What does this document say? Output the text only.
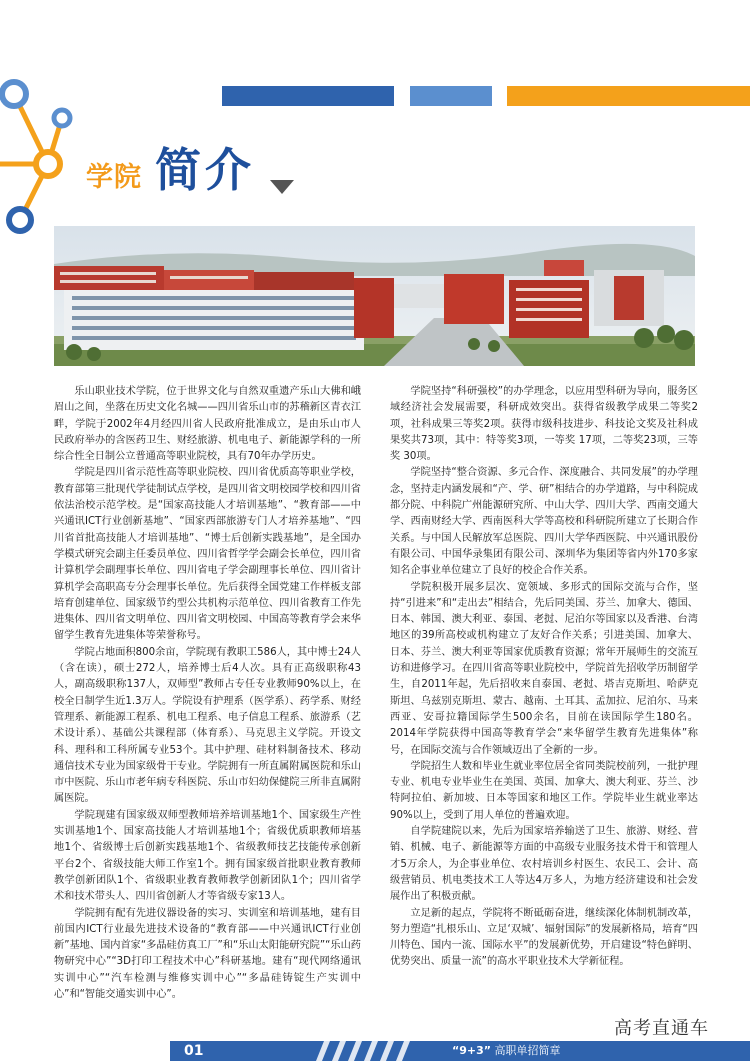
学院 简介

乐山职业技术学院，位于世界文化与自然双重遗产乐山大佛和峨眉山之间，坐落在历史文化名城——四川省乐山市的苏稽新区青衣江畔，学院于2002年4月经四川省人民政府批准成立，是由乐山市人民政府举办的含医药卫生、财经旅游、机电电子、新能源学科的一所综合性全日制公立普通高等职业院校，具有70年办学历史。

学院是四川省示范性高等职业院校、四川省优质高等职业学校，教育部第三批现代学徒制试点学校，是四川省文明校园学校和四川省依法治校示范学校。是“国家高技能人才培训基地”、“教育部——中兴通讯ICT行业创新基地”、“国家西部旅游专门人才培养基地”、“四川省首批高技能人才培训基地”、“博士后创新实践基地”，是全国办学模式研究会副主任委员单位、四川省哲学学会副会长单位，四川省计算机学会副理事长单位、四川省电子学会副理事长单位、四川省计算机学会高职高专分会理事长单位。先后获得全国党建工作样板支部培育创建单位、国家级节约型公共机构示范单位、四川省教育工作先进集体、四川省文明单位、四川省文明校园、中国高等教育学会来华留学生教育先进集体等荣誉称号。

学院占地面积800余亩，学院现有教职工586人，其中博士24人（含在读），硕士272人，培养博士后4人次。具有正高级职称43人，副高级职称137人，双师型”教师占专任专业教师90%以上，在校全日制学生近1.3万人。学院设有护理系（医学系）、药学系、财经管理系、新能源工程系、机电工程系、电子信息工程系、旅游系（艺术设计系）、基础公共课程部（体育系）、马克思主义学院。开设文科、理科和工科所属专业53个。其中护理、硅材料制备技术、移动通信技术专业为国家级骨干专业。学院拥有一所直属附属医院和乐山市中医院、乐山市老年病专科医院、乐山市妇幼保健院三所非直属附属医院。

学院现建有国家级双师型教师培养培训基地1个、国家级生产性实训基地1个、国家高技能人才培训基地1个；省级优质职教师培基地1个、省级博士后创新实践基地1个、省级教师技艺技能传承创新平台2个、省级技能大师工作室1个。拥有国家级首批职业教育教师教学创新团队1个、省级职业教育教师教学创新团队1个；四川省学术和技术带头人、四川省创新人才等省级专家13人。

学院拥有配有先进仪器设备的实习、实训室和培训基地，建有目前国内ICT行业最先进技术设备的“教育部——中兴通讯ICT行业创新”基地、国内首家“多晶硅仿真工厂”和“乐山太阳能研究院”“乐山药物研究中心”“3D打印工程技术中心”科研基地。建有“现代网络通讯实训中心”“汽车检测与维修实训中心”“多晶硅铸锭生产实训中心”和“智能交通实训中心”。

学院坚持“科研强校”的办学理念，以应用型科研为导向，服务区域经济社会发展需要，科研成效突出。获得省级教学成果二等奖2项，社科成果三等奖2项。获得市级科技进步、科技论文奖及社科成果奖共73项，其中：特等奖3项，一等奖 17项，二等奖23项，三等奖 30项。

学院坚持“整合资源、多元合作、深度融合、共同发展”的办学理念，坚持走内涵发展和“产、学、研”相结合的办学道路，与中科院成都分院、中科院广州能源研究所、中山大学、四川大学、西南交通大学、西南财经大学、西南医科大学等高校和科研院所建立了长期合作关系。与中国人民解放军总医院、四川大学华西医院、中兴通讯股份有限公司、中国华录集团有限公司、深圳华为集团等省内外170多家知名企事业单位建立了良好的校企合作关系。

学院积极开展多层次、宽领域、多形式的国际交流与合作，坚持“引进来”和“走出去”相结合，先后同美国、芬兰、加拿大、德国、日本、韩国、澳大利亚、泰国、老挝、尼泊尔等国家以及香港、台湾地区的39所高校或机构建立了友好合作关系；引进美国、加拿大、日本、芬兰、澳大利亚等国家优质教育资源；常年开展师生的交流互访和进修学习。在四川省高等职业院校中，学院首先招收学历制留学生，自2011年起，先后招收来自泰国、老挝、塔吉克斯坦、哈萨克斯坦、乌兹别克斯坦、蒙古、越南、土耳其、孟加拉、尼泊尔、马来西亚、安哥拉籍国际学生500余名，目前在读国际学生180名。2014年学院获得中国高等教育学会“来华留学生教育先进集体”称号，在国际交流与合作领域迈出了全新的一步。

学院招生人数和毕业生就业率位居全省同类院校前列，一批护理专业、机电专业毕业生在美国、英国、加拿大、澳大利亚、芬兰、沙特阿拉伯、新加坡、日本等国家和地区工作。学院毕业生就业率达90%以上，受到了用人单位的普遍欢迎。

自学院建院以来，先后为国家培养输送了卫生、旅游、财经、营销、机械、电子、新能源等方面的中高级专业服务技术骨干和管理人才5万余人，为企事业单位、农村培训乡村医生、农民工、会计、高级营销员、机电类技术工人等达4万多人，为地方经济建设和社会发展作出了积极贡献。

立足新的起点，学院将不断砥砺奋进，继续深化体制机制改革，努力塑造“扎根乐山、立足‘双城’、辐射国际”的发展新格局，培育“四川特色、国内一流、国际水平”的发展新优势，开启建设“特色鲜明、优势突出、质量一流”的高水平职业技术大学新征程。

高考直通车
01	“9+3” 高职单招简章
